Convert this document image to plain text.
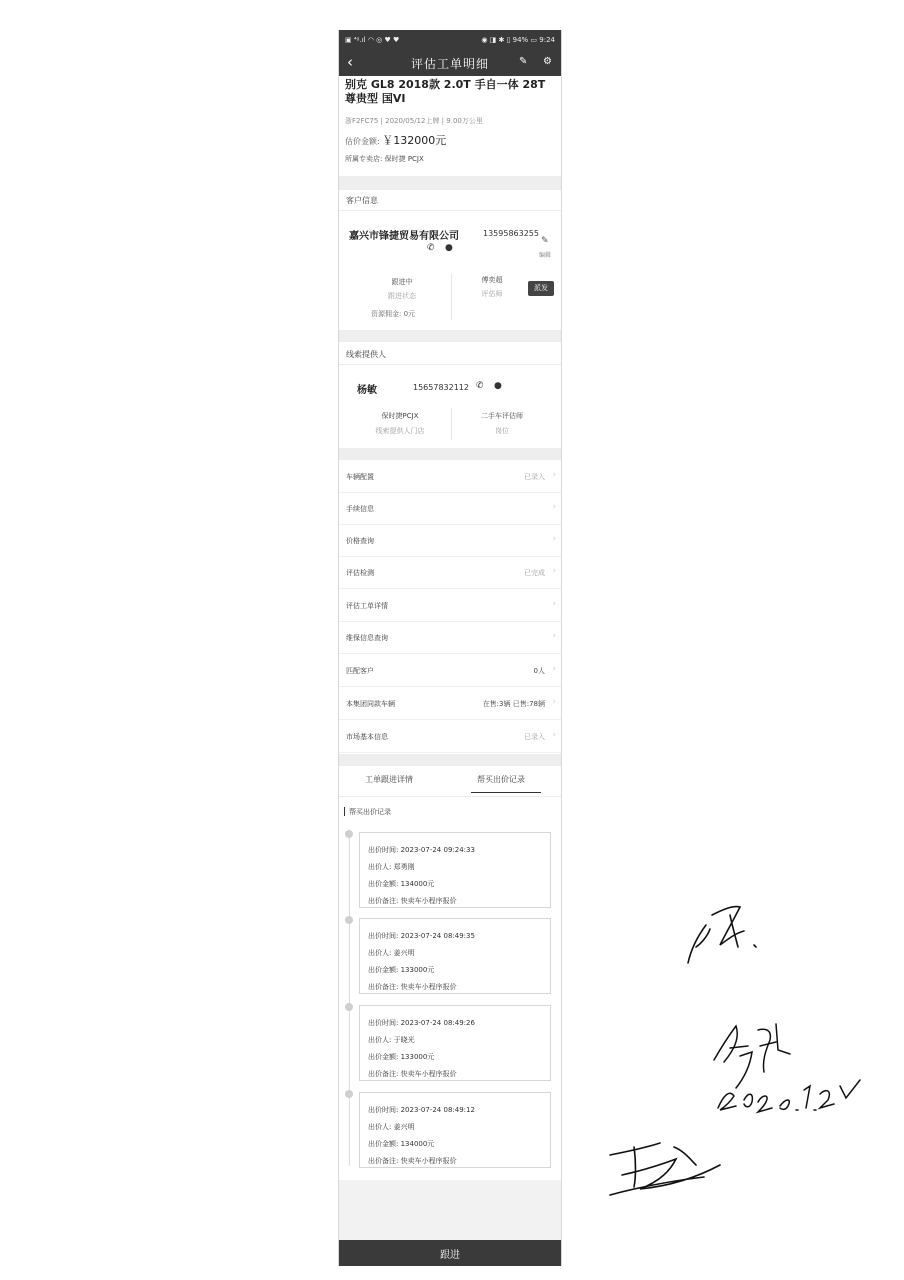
▣ ⁴ᵍ.ıl ◠ ◎ ♥ ♥	◉ ◨ ✱ ▯ 94% ▭ 9:24
‹	评估工单明细	✎ ⚙
别克 GL8 2018款 2.0T 手自一体 28T 尊贵型 国VI
浙F2FC75 | 2020/05/12上牌 | 9.00万公里
估价金额: ￥132000元
所属专卖店: 保时捷 PCJX
客户信息
嘉兴市锋捷贸易有限公司	13595863255
✎
编辑
✆ ●
跟进中
跟进状态
傅奕超
评估师
派发
资源佣金: 0元
线索提供人
杨敏	15657832112 ✆ ●
保时捷PCJX
线索提供人门店
二手车评估师
岗位
车辆配置	已录入 ›
手续信息	›
价格查询	›
评估检测	已完成 ›
评估工单详情	›
维保信息查询	›
匹配客户	0人 ›
本集团同款车辆	在售:3辆 已售:78辆 ›
市场基本信息	已录入 ›
工单跟进详情	帮买出价记录
帮买出价记录
出价时间: 2023-07-24 09:24:33
出价人: 郑勇刚
出价金额: 134000元
出价备注: 快卖车小程序报价
出价时间: 2023-07-24 08:49:35
出价人: 姜兴明
出价金额: 133000元
出价备注: 快卖车小程序报价
出价时间: 2023-07-24 08:49:26
出价人: 于晓光
出价金额: 133000元
出价备注: 快卖车小程序报价
出价时间: 2023-07-24 08:49:12
出价人: 姜兴明
出价金额: 134000元
出价备注: 快卖车小程序报价
跟进
